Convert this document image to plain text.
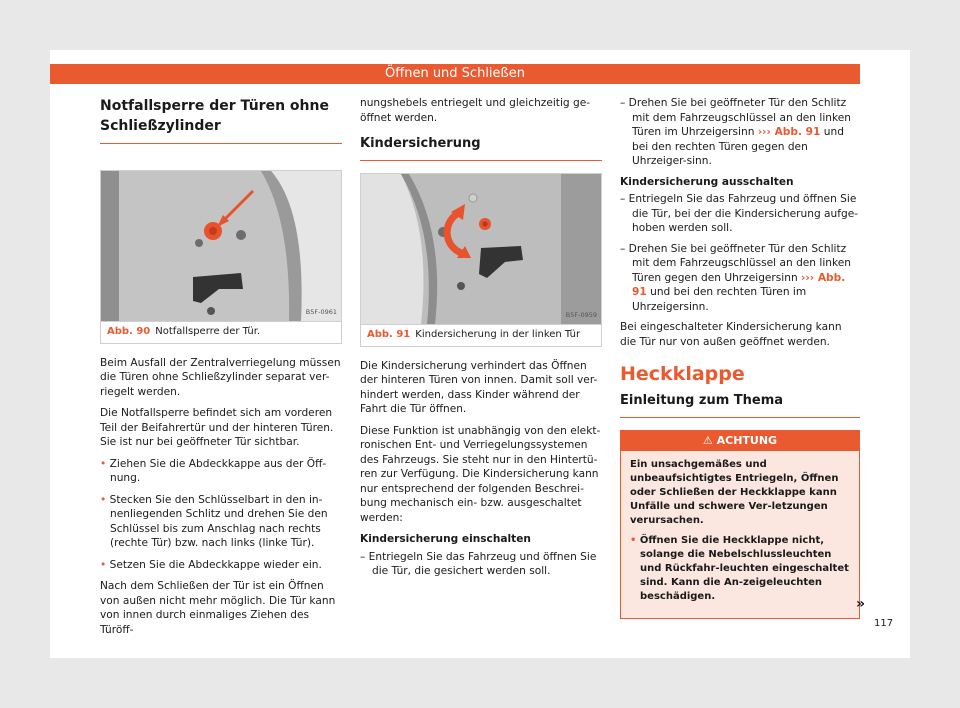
Öffnen und Schließen
Notfallsperre der Türen ohne Schließzylinder
B5F-0961
Abb. 90 Notfallsperre der Tür.

Beim Ausfall der Zentralverriegelung müssen die Türen ohne Schließzylinder separat ver-riegelt werden.

Die Notfallsperre befindet sich am vorderen Teil der Beifahrertür und der hinteren Türen. Sie ist nur bei geöffneter Tür sichtbar.

• Ziehen Sie die Abdeckkappe aus der Öff-nung.
• Stecken Sie den Schlüsselbart in den in-nenliegenden Schlitz und drehen Sie den Schlüssel bis zum Anschlag nach rechts (rechte Tür) bzw. nach links (linke Tür).
• Setzen Sie die Abdeckkappe wieder ein.

Nach dem Schließen der Tür ist ein Öffnen von außen nicht mehr möglich. Die Tür kann von innen durch einmaliges Ziehen des Türöff-

nungshebels entriegelt und gleichzeitig ge-öffnet werden.

Kindersicherung
B5F-0959
Abb. 91 Kindersicherung in der linken Tür

Die Kindersicherung verhindert das Öffnen der hinteren Türen von innen. Damit soll ver-hindert werden, dass Kinder während der Fahrt die Tür öffnen.

Diese Funktion ist unabhängig von den elekt-ronischen Ent- und Verriegelungssystemen des Fahrzeugs. Sie steht nur in den Hintertü-ren zur Verfügung. Die Kindersicherung kann nur entsprechend der folgenden Beschrei-bung mechanisch ein- bzw. ausgeschaltet werden:

Kindersicherung einschalten
– Entriegeln Sie das Fahrzeug und öffnen Sie die Tür, die gesichert werden soll.
– Drehen Sie bei geöffneter Tür den Schlitz mit dem Fahrzeugschlüssel an den linken Türen im Uhrzeigersinn ››› Abb. 91 und bei den rechten Türen gegen den Uhrzeiger-sinn.
Kindersicherung ausschalten
– Entriegeln Sie das Fahrzeug und öffnen Sie die Tür, bei der die Kindersicherung aufge-hoben werden soll.
– Drehen Sie bei geöffneter Tür den Schlitz mit dem Fahrzeugschlüssel an den linken Türen gegen den Uhrzeigersinn ››› Abb. 91 und bei den rechten Türen im Uhrzeigersinn.

Bei eingeschalteter Kindersicherung kann die Tür nur von außen geöffnet werden.

Heckklappe
Einleitung zum Thema
⚠ ACHTUNG

Ein unsachgemäßes und unbeaufsichtigtes Entriegeln, Öffnen oder Schließen der Heckklappe kann Unfälle und schwere Ver-letzungen verursachen.

• Öffnen Sie die Heckklappe nicht, solange die Nebelschlussleuchten und Rückfahr-leuchten eingeschaltet sind. Kann die An-zeigeleuchten beschädigen.	»
117
